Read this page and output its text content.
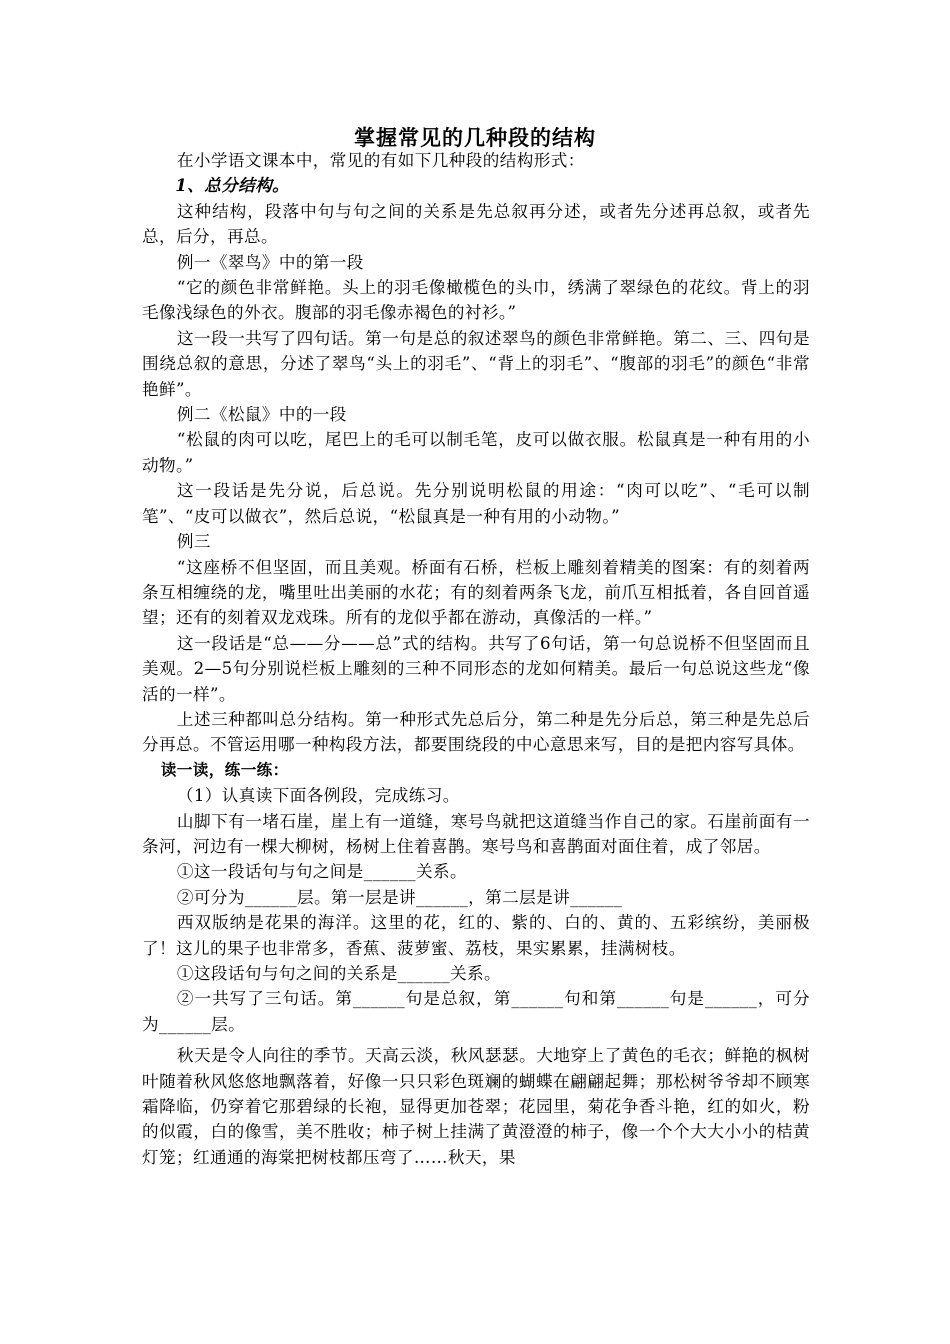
掌握常见的几种段的结构

在小学语文课本中，常见的有如下几种段的结构形式：

1、总分结构。

这种结构，段落中句与句之间的关系是先总叙再分述，或者先分述再总叙，或者先总，后分，再总。

例一《翠鸟》中的第一段

“它的颜色非常鲜艳。头上的羽毛像橄榄色的头巾，绣满了翠绿色的花纹。背上的羽毛像浅绿色的外衣。腹部的羽毛像赤褐色的衬衫。”

这一段一共写了四句话。第一句是总的叙述翠鸟的颜色非常鲜艳。第二、三、四句是围绕总叙的意思，分述了翠鸟“头上的羽毛”、“背上的羽毛”、“腹部的羽毛”的颜色“非常艳鲜”。

例二《松鼠》中的一段

“松鼠的肉可以吃，尾巴上的毛可以制毛笔，皮可以做衣服。松鼠真是一种有用的小动物。”

这一段话是先分说，后总说。先分别说明松鼠的用途：“肉可以吃”、“毛可以制笔”、“皮可以做衣”，然后总说，“松鼠真是一种有用的小动物。”

例三

“这座桥不但坚固，而且美观。桥面有石桥，栏板上雕刻着精美的图案：有的刻着两条互相缠绕的龙，嘴里吐出美丽的水花；有的刻着两条飞龙，前爪互相抵着，各自回首遥望；还有的刻着双龙戏珠。所有的龙似乎都在游动，真像活的一样。”

这一段话是“总——分——总”式的结构。共写了6句话，第一句总说桥不但坚固而且美观。2—5句分别说栏板上雕刻的三种不同形态的龙如何精美。最后一句总说这些龙“像活的一样”。

上述三种都叫总分结构。第一种形式先总后分，第二种是先分后总，第三种是先总后分再总。不管运用哪一种构段方法，都要围绕段的中心意思来写，目的是把内容写具体。

读一读，练一练：

（1）认真读下面各例段，完成练习。

山脚下有一堵石崖，崖上有一道缝，寒号鸟就把这道缝当作自己的家。石崖前面有一条河，河边有一棵大柳树，杨树上住着喜鹊。寒号鸟和喜鹊面对面住着，成了邻居。

①这一段话句与句之间是______关系。

②可分为______层。第一层是讲______，第二层是讲______

西双版纳是花果的海洋。这里的花，红的、紫的、白的、黄的、五彩缤纷，美丽极了！这儿的果子也非常多，香蕉、菠萝蜜、荔枝，果实累累，挂满树枝。

①这段话句与句之间的关系是______关系。

②一共写了三句话。第______句是总叙，第______句和第______句是______，可分为______层。

秋天是令人向往的季节。天高云淡，秋风瑟瑟。大地穿上了黄色的毛衣；鲜艳的枫树叶随着秋风悠悠地飘落着，好像一只只彩色斑斓的蝴蝶在翩翩起舞；那松树爷爷却不顾寒霜降临，仍穿着它那碧绿的长袍，显得更加苍翠；花园里，菊花争香斗艳，红的如火，粉的似霞，白的像雪，美不胜收；柿子树上挂满了黄澄澄的柿子，像一个个大大小小的桔黄灯笼；红通通的海棠把树枝都压弯了……秋天，果
